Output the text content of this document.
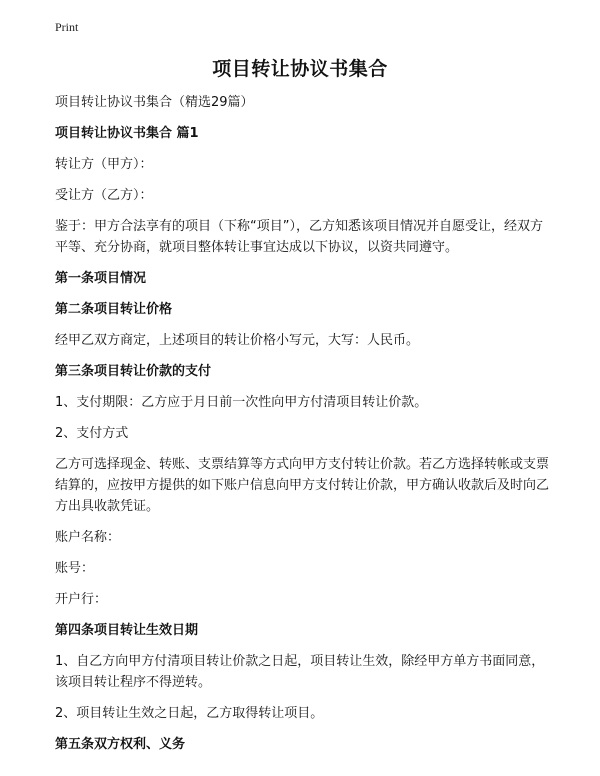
Print
项目转让协议书集合

项目转让协议书集合（精选29篇）

项目转让协议书集合 篇1

转让方（甲方）：

受让方（乙方）：

鉴于：甲方合法享有的项目（下称“项目”），乙方知悉该项目情况并自愿受让，经双方平等、充分协商，就项目整体转让事宜达成以下协议，以资共同遵守。

第一条项目情况

第二条项目转让价格

经甲乙双方商定，上述项目的转让价格小写元，大写：人民币。

第三条项目转让价款的支付

1、支付期限：乙方应于月日前一次性向甲方付清项目转让价款。

2、支付方式

乙方可选择现金、转账、支票结算等方式向甲方支付转让价款。若乙方选择转帐或支票结算的，应按甲方提供的如下账户信息向甲方支付转让价款，甲方确认收款后及时向乙方出具收款凭证。

账户名称：

账号：

开户行：

第四条项目转让生效日期

1、自乙方向甲方付清项目转让价款之日起，项目转让生效，除经甲方单方书面同意，该项目转让程序不得逆转。

2、项目转让生效之日起，乙方取得转让项目。

第五条双方权利、义务
